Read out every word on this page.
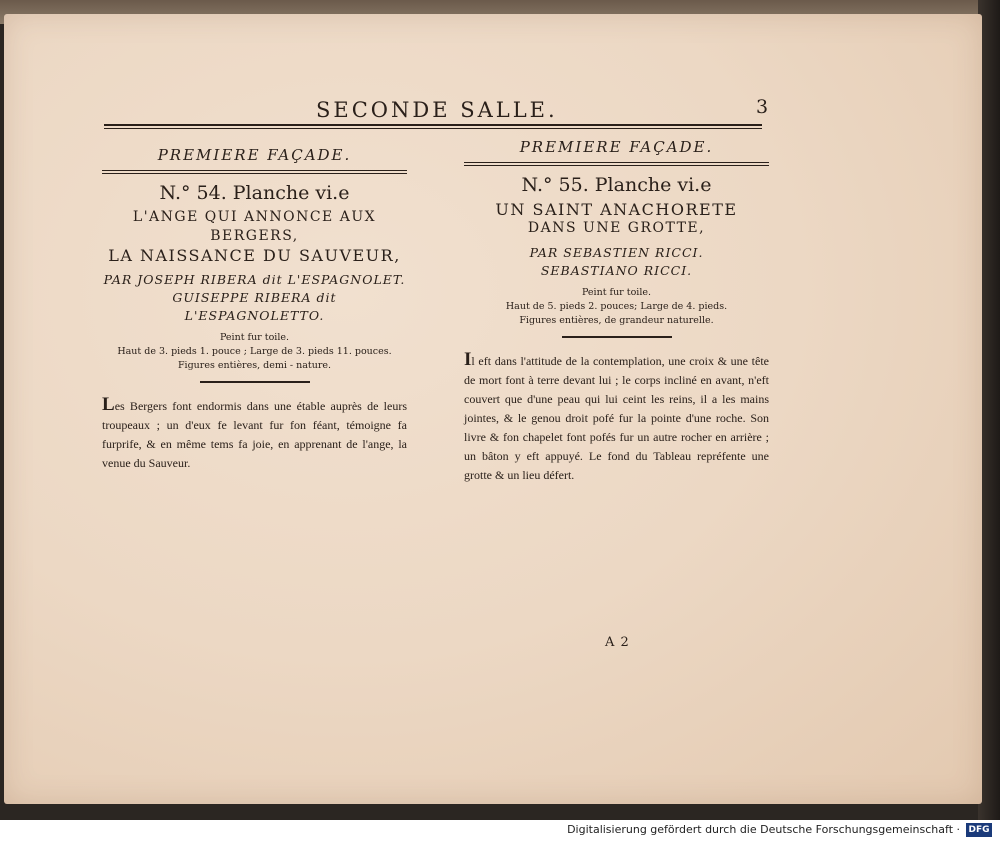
SECONDE SALLE.	3
PREMIERE FAÇADE.
N.° 54. Planche vi.e
L'ANGE QUI ANNONCE AUX BERGERS,
LA NAISSANCE DU SAUVEUR,
PAR JOSEPH RIBERA dit L'ESPAGNOLET.
GUISEPPE RIBERA dit L'ESPAGNOLETTO.
Peint fur toile.
Haut de 3. pieds 1. pouce ; Large de 3. pieds 11. pouces.
Figures entières, demi - nature.
Les Bergers font endormis dans une étable auprès de leurs troupeaux ; un d'eux fe levant fur fon féant, témoigne fa furprife, & en même tems fa joie, en apprenant de l'ange, la venue du Sauveur.
PREMIERE FAÇADE.
N.° 55. Planche vi.e
UN SAINT ANACHORETE
DANS UNE GROTTE,
PAR SEBASTIEN RICCI.
SEBASTIANO RICCI.
Peint fur toile.
Haut de 5. pieds 2. pouces; Large de 4. pieds.
Figures entières, de grandeur naturelle.
Il eft dans l'attitude de la contemplation, une croix & une tête de mort font à terre devant lui ; le corps incliné en avant, n'eft couvert que d'une peau qui lui ceint les reins, il a les mains jointes, & le genou droit pofé fur la pointe d'une roche. Son livre & fon chapelet font pofés fur un autre rocher en arrière ; un bâton y eft appuyé. Le fond du Tableau repréfente une grotte & un lieu défert.
A 2
Digitalisierung gefördert durch die Deutsche Forschungsgemeinschaft · DFG
